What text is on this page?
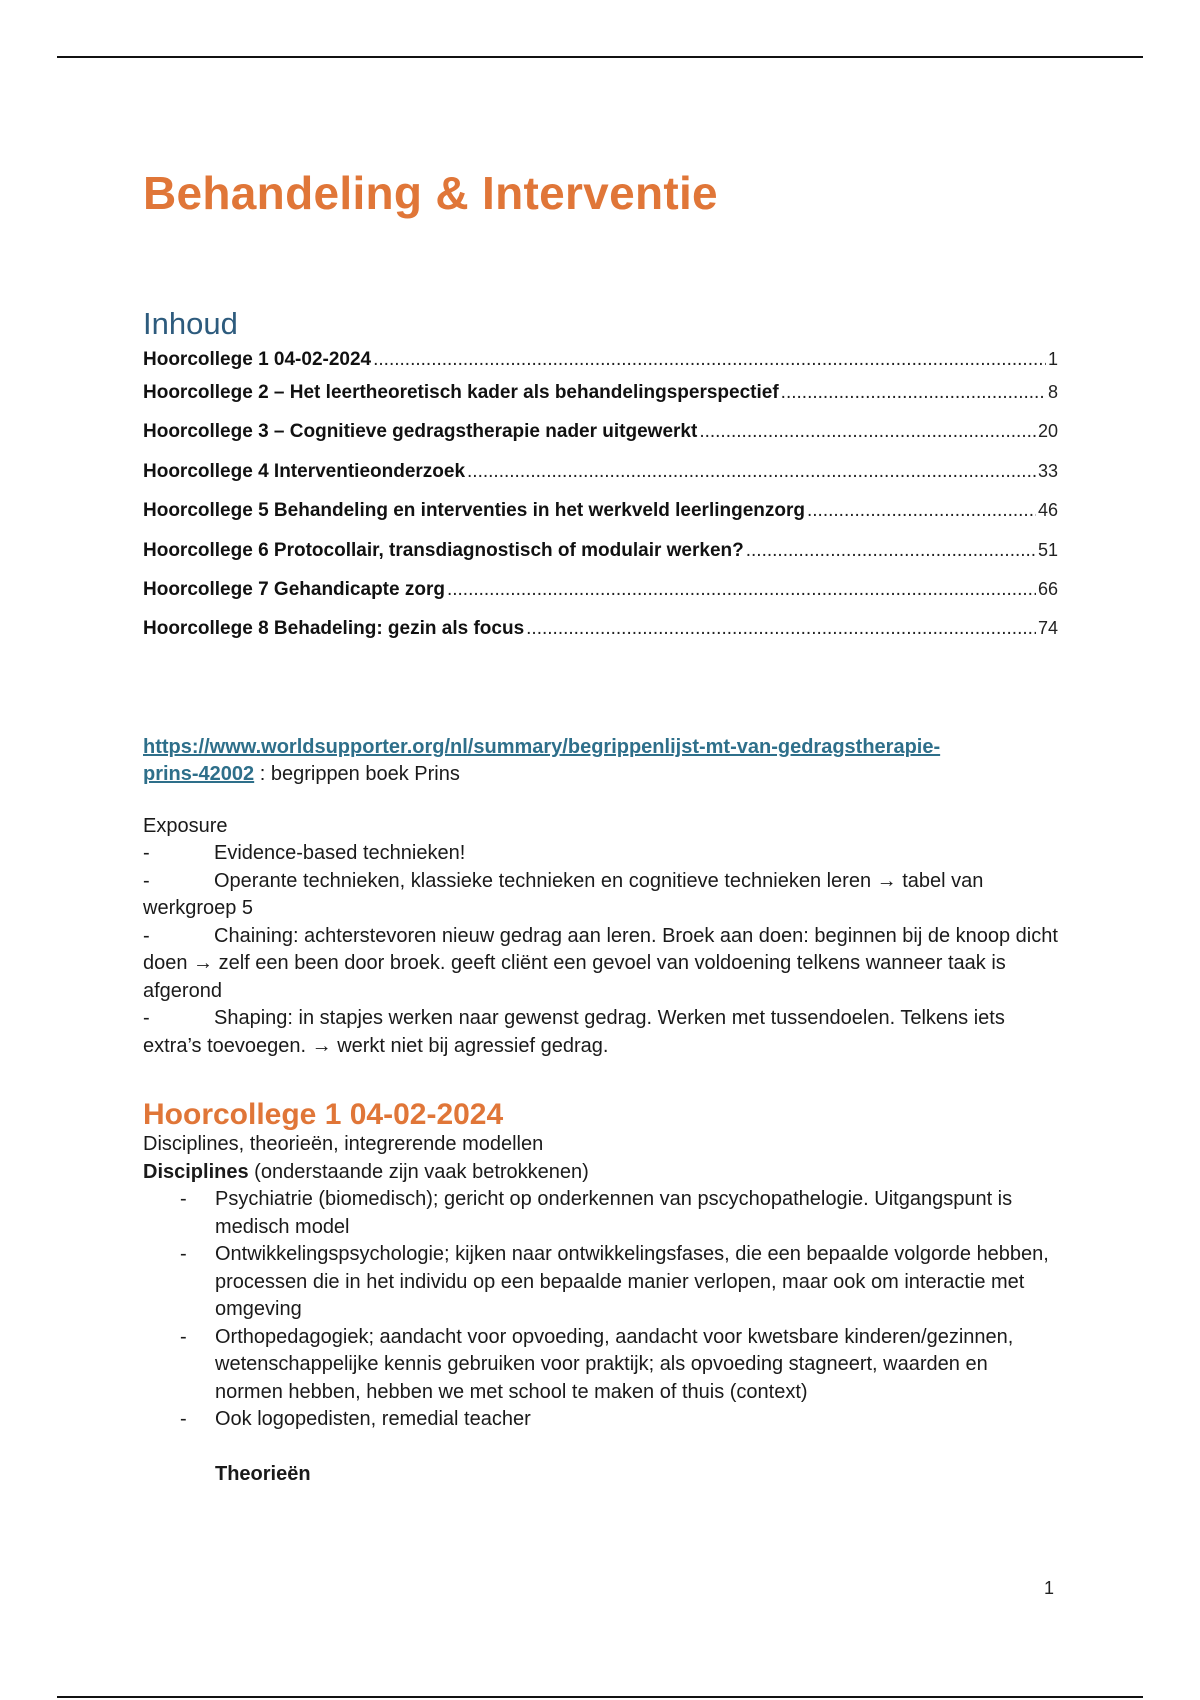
Behandeling & Interventie
Inhoud
Hoorcollege 1 04-02-2024 .....	1
Hoorcollege 2 – Het leertheoretisch kader als behandelingsperspectief .....	8
Hoorcollege 3 – Cognitieve gedragstherapie nader uitgewerkt .....	20
Hoorcollege 4 Interventieonderzoek .....	33
Hoorcollege 5 Behandeling en interventies in het werkveld leerlingenzorg .....	46
Hoorcollege 6 Protocollair, transdiagnostisch of modulair werken? .....	51
Hoorcollege 7 Gehandicapte zorg .....	66
Hoorcollege 8 Behadeling: gezin als focus .....	74
https://www.worldsupporter.org/nl/summary/begrippenlijst-mt-van-gedragstherapie-
prins-42002 : begrippen boek Prins
Exposure
-	Evidence-based technieken!
-	Operante technieken, klassieke technieken en cognitieve technieken leren → tabel van werkgroep 5
-	Chaining: achterstevoren nieuw gedrag aan leren. Broek aan doen: beginnen bij de knoop dicht doen → zelf een been door broek. geeft cliënt een gevoel van voldoening telkens wanneer taak is afgerond
-	Shaping: in stapjes werken naar gewenst gedrag. Werken met tussendoelen. Telkens iets extra’s toevoegen. → werkt niet bij agressief gedrag.
Hoorcollege 1 04-02-2024
Disciplines, theorieën, integrerende modellen
Disciplines (onderstaande zijn vaak betrokkenen)
- Psychiatrie (biomedisch); gericht op onderkennen van pscychopathelogie. Uitgangspunt is medisch model
- Ontwikkelingspsychologie; kijken naar ontwikkelingsfases, die een bepaalde volgorde hebben, processen die in het individu op een bepaalde manier verlopen, maar ook om interactie met omgeving
- Orthopedagogiek; aandacht voor opvoeding, aandacht voor kwetsbare kinderen/gezinnen, wetenschappelijke kennis gebruiken voor praktijk; als opvoeding stagneert, waarden en normen hebben, hebben we met school te maken of thuis (context)
- Ook logopedisten, remedial teacher
Theorieën
1
